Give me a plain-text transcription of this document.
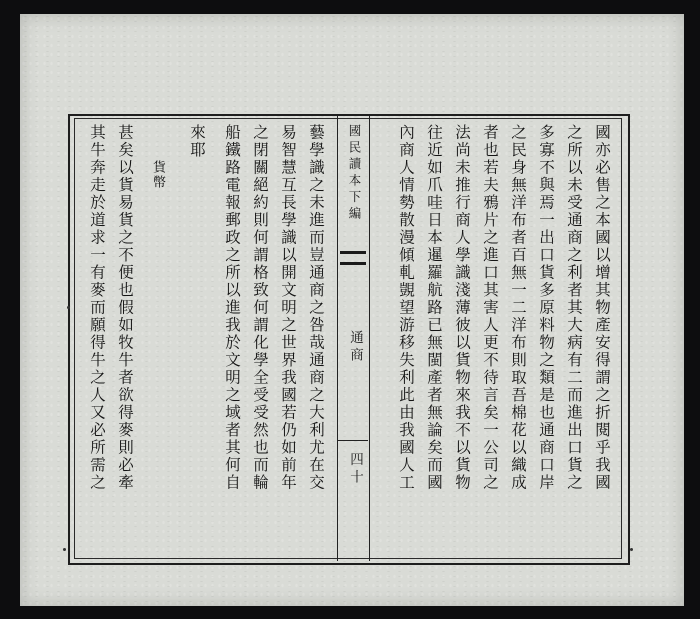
國亦必售之本國以增其物產安得謂之折閱乎我國
之所以未受通商之利者其大病有二而進出口貨之
多寡不與焉一出口貨多原料物之類是也通商口岸
之民身無洋布者百無一二洋布則取吾棉花以織成
者也若夫鴉片之進口其害人更不待言矣一公司之
法尚未推行商人學識淺薄彼以貨物來我不以貨物
往近如爪哇日本暹羅航路已無閩產者無論矣而國
內商人情勢散漫傾軋覬望游移失利此由我國人工
國民讀本下編
通商
四十
藝學識之未進而豈通商之咎哉通商之大利尤在交
易智慧互長學識以開文明之世界我國若仍如前年
之閉關絕約則何謂格致何謂化學全受受然也而輪
船鐵路電報郵政之所以進我於文明之域者其何自
來耶
貨幣
甚矣以貨易貨之不便也假如牧牛者欲得麥則必牽
其牛奔走於道求一有麥而願得牛之人又必所需之
